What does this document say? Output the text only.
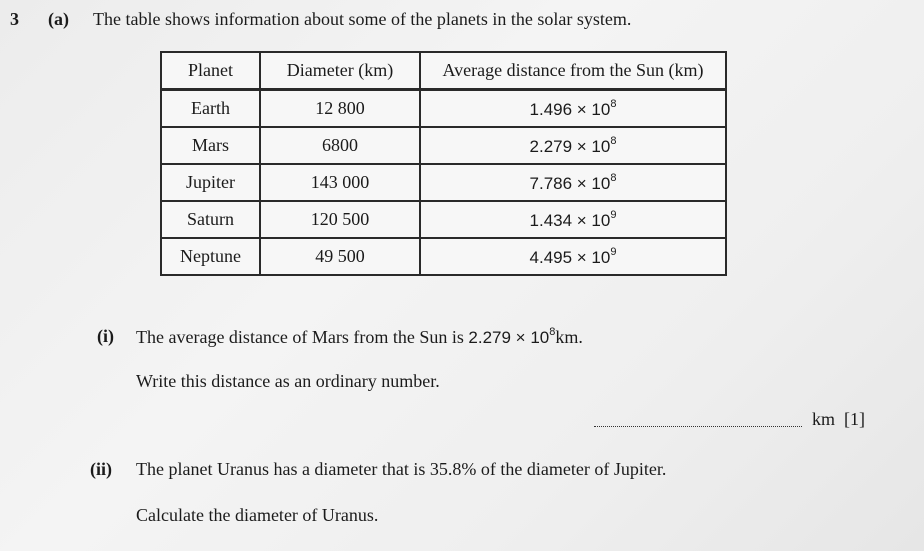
3 (a) The table shows information about some of the planets in the solar system.
Planet	Diameter (km)	Average distance from the Sun (km)
Earth	12 800	$1.496 \times 10^8$
Mars	6800	$2.279 \times 10^8$
Jupiter	143 000	$7.786 \times 10^8$
Saturn	120 500	$1.434 \times 10^9$
Neptune	49 500	$4.495 \times 10^9$
(i) The average distance of Mars from the Sun is $2.279 \times 10^8km$.
Write this distance as an ordinary number.
km  [1]
(ii) The planet Uranus has a diameter that is 35.8% of the diameter of Jupiter.
Calculate the diameter of Uranus.
